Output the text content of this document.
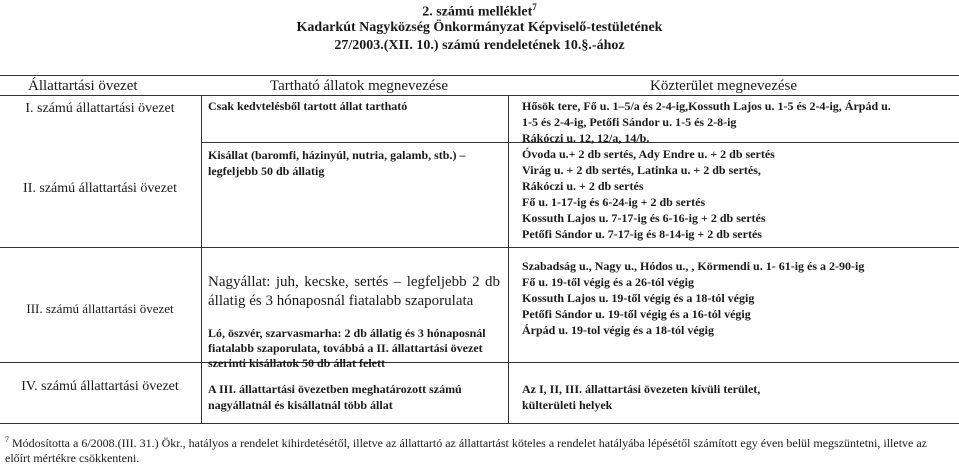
2. számú melléklet$^7$
Kadarkút Nagyközség Önkormányzat Képviselő-testületének
27/2003.(XII. 10.) számú rendeletének 10.§.-ához
Állattartási övezet	Tartható állatok megnevezése	Közterület megnevezése
I. számú állattartási övezet
II. számú állattartási övezet
III. számú állattartási övezet
IV. számú állattartási övezet
Csak kedvtelésből tartott állat tartható
Kisállat (baromfi, házinyúl, nutria, galamb, stb.) – legfeljebb 50 db állatig

Nagyállat: juh, kecske, sertés – legfeljebb 2 db állatig és 3 hónaposnál fiatalabb szaporulata

Ló, öszvér, szarvasmarha: 2 db állatig és 3 hónaposnál fiatalabb szaporulata, továbbá a II. állattartási övezet szerinti kisállatok 50 db állat felett

A III. állattartási övezetben meghatározott számú nagyállatnál és kisállatnál több állat

Hősök tere, Fő u. 1–5/a és 2-4-ig,Kossuth Lajos u. 1-5 és 2-4-ig, Árpád u.

1-5 és 2-4-ig, Petőfi Sándor u. 1-5 és 2-8-ig

Rákóczi u. 12, 12/a, 14/b.

Óvoda u.+ 2 db sertés, Ady Endre u. + 2 db sertés

Virág u. + 2 db sertés, Latinka u. + 2 db sertés,

Rákóczi u. + 2 db sertés

Fő u. 1-17-ig és 6-24-ig + 2 db sertés

Kossuth Lajos u. 7-17-ig és 6-16-ig + 2 db sertés

Petőfi Sándor u. 7-17-ig és 8-14-ig + 2 db sertés

Szabadság u., Nagy u., Hódos u., , Körmendi u. 1- 61-ig és a 2-90-ig

Fő u. 19-től végig és a 26-tól végig

Kossuth Lajos u. 19-től végig és a 18-tól végig

Petőfi Sándor u. 19-től végig és a 16-tól végig

Árpád u. 19-tol végig és a 18-tól végig

Az I, II, III. állattartási övezeten kívüli terület,

külterületi helyek

$^7$ Módosította a 6/2008.(III. 31.) Ökr., hatályos a rendelet kihirdetésétől, illetve az állattartó az állattartást köteles a rendelet hatályába lépésétől számított egy éven belül megszüntetni, illetve az előírt mértékre csökkenteni.
